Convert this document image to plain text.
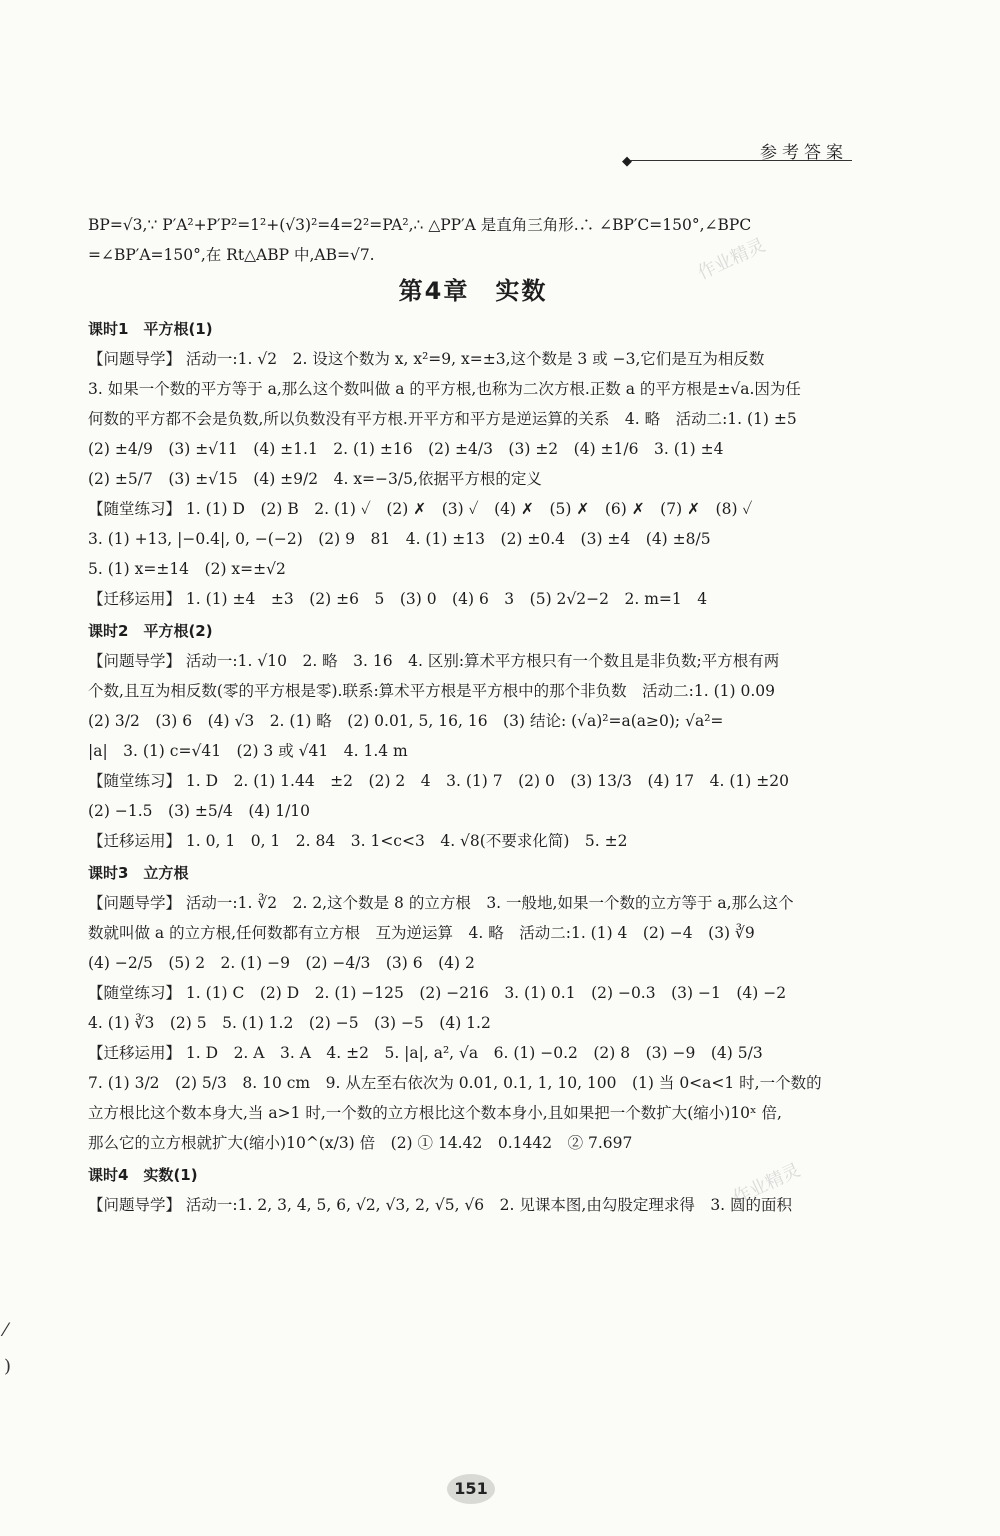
◆	参考答案
作业精灵
作业精灵

BP=√3,∵ P′A²+P′P²=1²+(√3)²=4=2²=PA²,∴ △PP′A 是直角三角形.∴ ∠BP′C=150°,∠BPC

=∠BP′A=150°,在 Rt△ABP 中,AB=√7.

第4章　实数
课时1　平方根(1)

【问题导学】 活动一:1. √2　2. 设这个数为 x, x²=9, x=±3,这个数是 3 或 −3,它们是互为相反数

3. 如果一个数的平方等于 a,那么这个数叫做 a 的平方根,也称为二次方根.正数 a 的平方根是±√a.因为任

何数的平方都不会是负数,所以负数没有平方根.开平方和平方是逆运算的关系　4. 略　活动二:1. (1) ±5

(2) ±4/9　(3) ±√11　(4) ±1.1　2. (1) ±16　(2) ±4/3　(3) ±2　(4) ±1/6　3. (1) ±4

(2) ±5/7　(3) ±√15　(4) ±9/2　4. x=−3/5,依据平方根的定义

【随堂练习】 1. (1) D　(2) B　2. (1) ✓　(2) ✗　(3) ✓　(4) ✗　(5) ✗　(6) ✗　(7) ✗　(8) ✓

3. (1) +13, |−0.4|, 0, −(−2)　(2) 9　81　4. (1) ±13　(2) ±0.4　(3) ±4　(4) ±8/5

5. (1) x=±14　(2) x=±√2

【迁移运用】 1. (1) ±4　±3　(2) ±6　5　(3) 0　(4) 6　3　(5) 2√2−2　2. m=1　4

课时2　平方根(2)

【问题导学】 活动一:1. √10　2. 略　3. 16　4. 区别:算术平方根只有一个数且是非负数;平方根有两

个数,且互为相反数(零的平方根是零).联系:算术平方根是平方根中的那个非负数　活动二:1. (1) 0.09

(2) 3/2　(3) 6　(4) √3　2. (1) 略　(2) 0.01, 5, 16, 16　(3) 结论: (√a)²=a(a≥0); √a²=

|a|　3. (1) c=√41　(2) 3 或 √41　4. 1.4 m

【随堂练习】 1. D　2. (1) 1.44　±2　(2) 2　4　3. (1) 7　(2) 0　(3) 13/3　(4) 17　4. (1) ±20

(2) −1.5　(3) ±5/4　(4) 1/10

【迁移运用】 1. 0, 1　0, 1　2. 84　3. 1<c<3　4. √8(不要求化简)　5. ±2

课时3　立方根

【问题导学】 活动一:1. ∛2　2. 2,这个数是 8 的立方根　3. 一般地,如果一个数的立方等于 a,那么这个

数就叫做 a 的立方根,任何数都有立方根　互为逆运算　4. 略　活动二:1. (1) 4　(2) −4　(3) ∛9

(4) −2/5　(5) 2　2. (1) −9　(2) −4/3　(3) 6　(4) 2

【随堂练习】 1. (1) C　(2) D　2. (1) −125　(2) −216　3. (1) 0.1　(2) −0.3　(3) −1　(4) −2

4. (1) ∛3　(2) 5　5. (1) 1.2　(2) −5　(3) −5　(4) 1.2

【迁移运用】 1. D　2. A　3. A　4. ±2　5. |a|, a², √a　6. (1) −0.2　(2) 8　(3) −9　(4) 5/3

7. (1) 3/2　(2) 5/3　8. 10 cm　9. 从左至右依次为 0.01, 0.1, 1, 10, 100　(1) 当 0<a<1 时,一个数的

立方根比这个数本身大,当 a>1 时,一个数的立方根比这个数本身小,且如果把一个数扩大(缩小)10ˣ 倍,

那么它的立方根就扩大(缩小)10^(x/3) 倍　(2) ① 14.42　0.1442　② 7.697

课时4　实数(1)

【问题导学】 活动一:1. 2, 3, 4, 5, 6, √2, √3, 2, √5, √6　2. 见课本图,由勾股定理求得　3. 圆的面积

⁄
)
151
